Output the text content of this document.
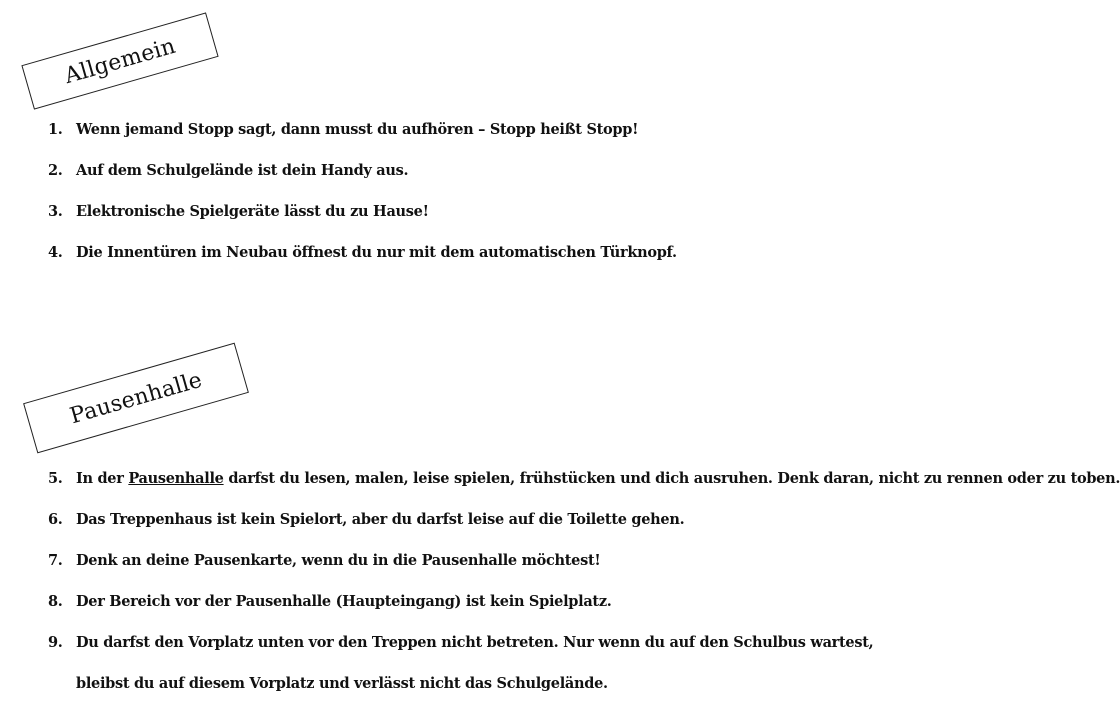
Allgemein
1. Wenn jemand Stopp sagt, dann musst du aufhören – Stopp heißt Stopp!
2. Auf dem Schulgelände ist dein Handy aus.
3. Elektronische Spielgeräte lässt du zu Hause!
4. Die Innentüren im Neubau öffnest du nur mit dem automatischen Türknopf.
Pausenhalle
5. In der Pausenhalle darfst du lesen, malen, leise spielen, frühstücken und dich ausruhen. Denk daran, nicht zu rennen oder zu toben.
6. Das Treppenhaus ist kein Spielort, aber du darfst leise auf die Toilette gehen.
7. Denk an deine Pausenkarte, wenn du in die Pausenhalle möchtest!
8. Der Bereich vor der Pausenhalle (Haupteingang) ist kein Spielplatz.
9. Du darfst den Vorplatz unten vor den Treppen nicht betreten. Nur wenn du auf den Schulbus wartest,
bleibst du auf diesem Vorplatz und verlässt nicht das Schulgelände.
